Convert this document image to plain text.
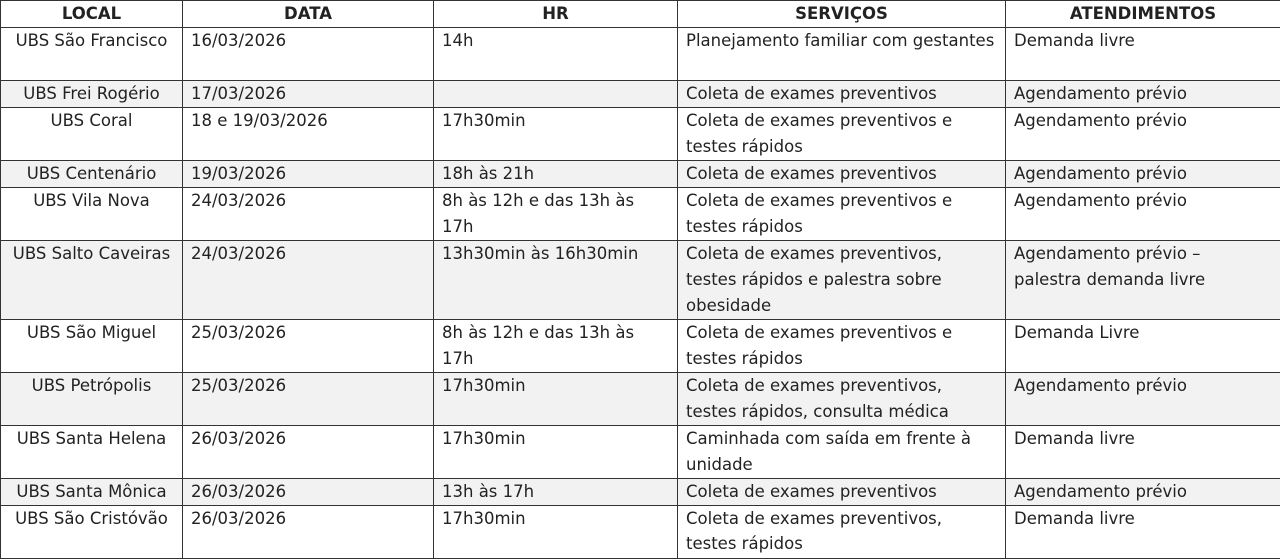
LOCAL	DATA	HR	SERVIÇOS	ATENDIMENTOS
UBS São Francisco	16/03/2026	14h	Planejamento familiar com gestantes	Demanda livre
UBS Frei Rogério	17/03/2026		Coleta de exames preventivos	Agendamento prévio
UBS Coral	18 e 19/03/2026	17h30min	Coleta de exames preventivos e testes rápidos	Agendamento prévio
UBS Centenário	19/03/2026	18h às 21h	Coleta de exames preventivos	Agendamento prévio
UBS Vila Nova	24/03/2026	8h às 12h e das 13h às 17h	Coleta de exames preventivos e testes rápidos	Agendamento prévio
UBS Salto Caveiras	24/03/2026	13h30min às 16h30min	Coleta de exames preventivos, testes rápidos e palestra sobre obesidade	Agendamento prévio – palestra demanda livre
UBS São Miguel	25/03/2026	8h às 12h e das 13h às 17h	Coleta de exames preventivos e testes rápidos	Demanda Livre
UBS Petrópolis	25/03/2026	17h30min	Coleta de exames preventivos, testes rápidos, consulta médica	Agendamento prévio
UBS Santa Helena	26/03/2026	17h30min	Caminhada com saída em frente à unidade	Demanda livre
UBS Santa Mônica	26/03/2026	13h às 17h	Coleta de exames preventivos	Agendamento prévio
UBS São Cristóvão	26/03/2026	17h30min	Coleta de exames preventivos, testes rápidos	Demanda livre
